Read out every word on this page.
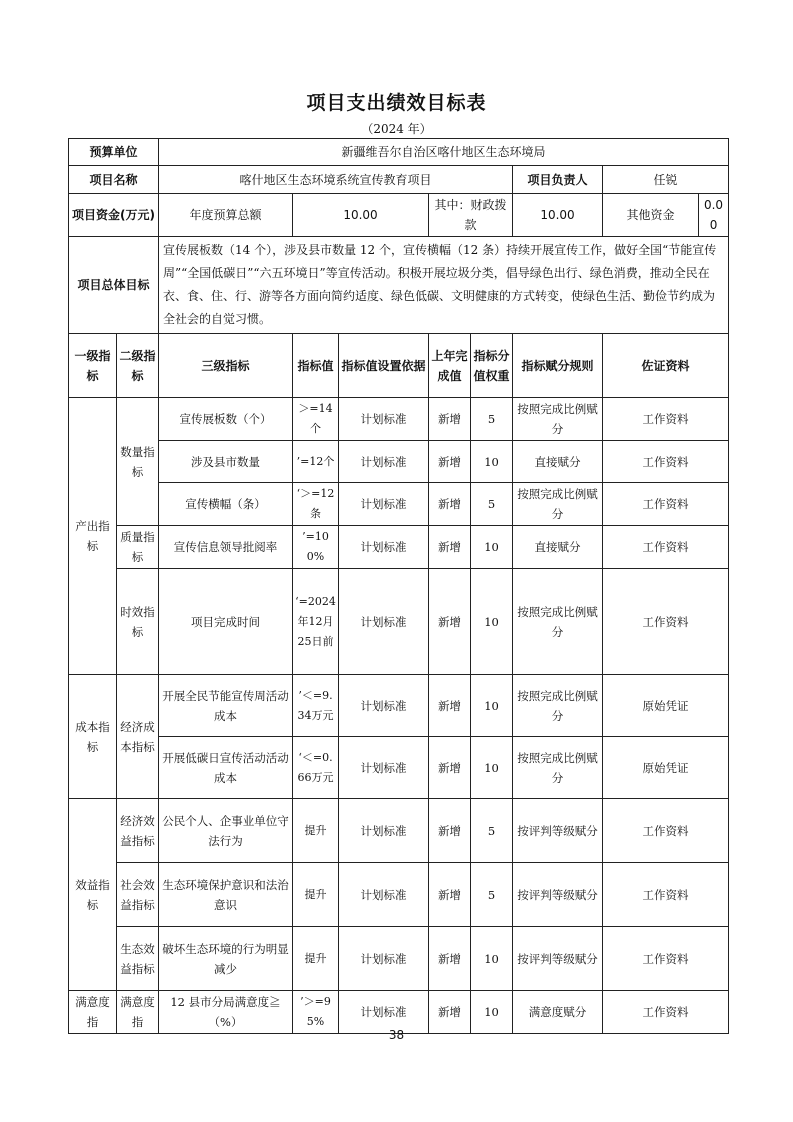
项目支出绩效目标表
（2024 年）
预算单位		新疆维吾尔自治区喀什地区生态环境局							
项目名称		喀什地区生态环境系统宣传教育项目					项目负责人	任锐	
项目资金(万元)		年度预算总额	10.00		其中：财政拨款		10.00	其他资金	0.00
项目总体目标		宣传展板数（14 个），涉及县市数量 12 个，宣传横幅（12 条）持续开展宣传工作，做好全国“节能宣传周”“全国低碳日”“六五环境日”等宣传活动。积极开展垃圾分类，倡导绿色出行、绿色消费，推动全民在衣、食、住、行、游等各方面向简约适度、绿色低碳、文明健康的方式转变，使绿色生活、勤俭节约成为全社会的自觉习惯。							
一级指标	二级指标	三级指标	指标值	指标值设置依据	上年完成值	指标分值权重	指标赋分规则	佐证资料	
产出指标	数量指标	宣传展板数（个）	＞=14个	计划标准	新增	5	按照完成比例赋分	工作资料	
		涉及县市数量	’=12个	计划标准	新增	10	直接赋分	工作资料	
		宣传横幅（条）	‘＞=12 条	计划标准	新增	5	按照完成比例赋分	工作资料	
	质量指标	宣传信息领导批阅率	’=100%	计划标准	新增	10	直接赋分	工作资料	
	时效指标	项目完成时间	‘=2024年12月25日前	计划标准	新增	10	按照完成比例赋分	工作资料	
成本指标	经济成本指标	开展全民节能宣传周活动成本	’＜=9.34万元	计划标准	新增	10	按照完成比例赋分	原始凭证	
		开展低碳日宣传活动活动成本	‘＜=0.66万元	计划标准	新增	10	按照完成比例赋分	原始凭证	
效益指标	经济效益指标	公民个人、企事业单位守法行为	提升	计划标准	新增	5	按评判等级赋分	工作资料	
	社会效益指标	生态环境保护意识和法治意识	提升	计划标准	新增	5	按评判等级赋分	工作资料	
	生态效益指标	破坏生态环境的行为明显减少	提升	计划标准	新增	10	按评判等级赋分	工作资料	
满意度指	满意度指	12 县市分局满意度≧（%）	’＞=95%	计划标准	新增	10	满意度赋分	工作资料	
38
